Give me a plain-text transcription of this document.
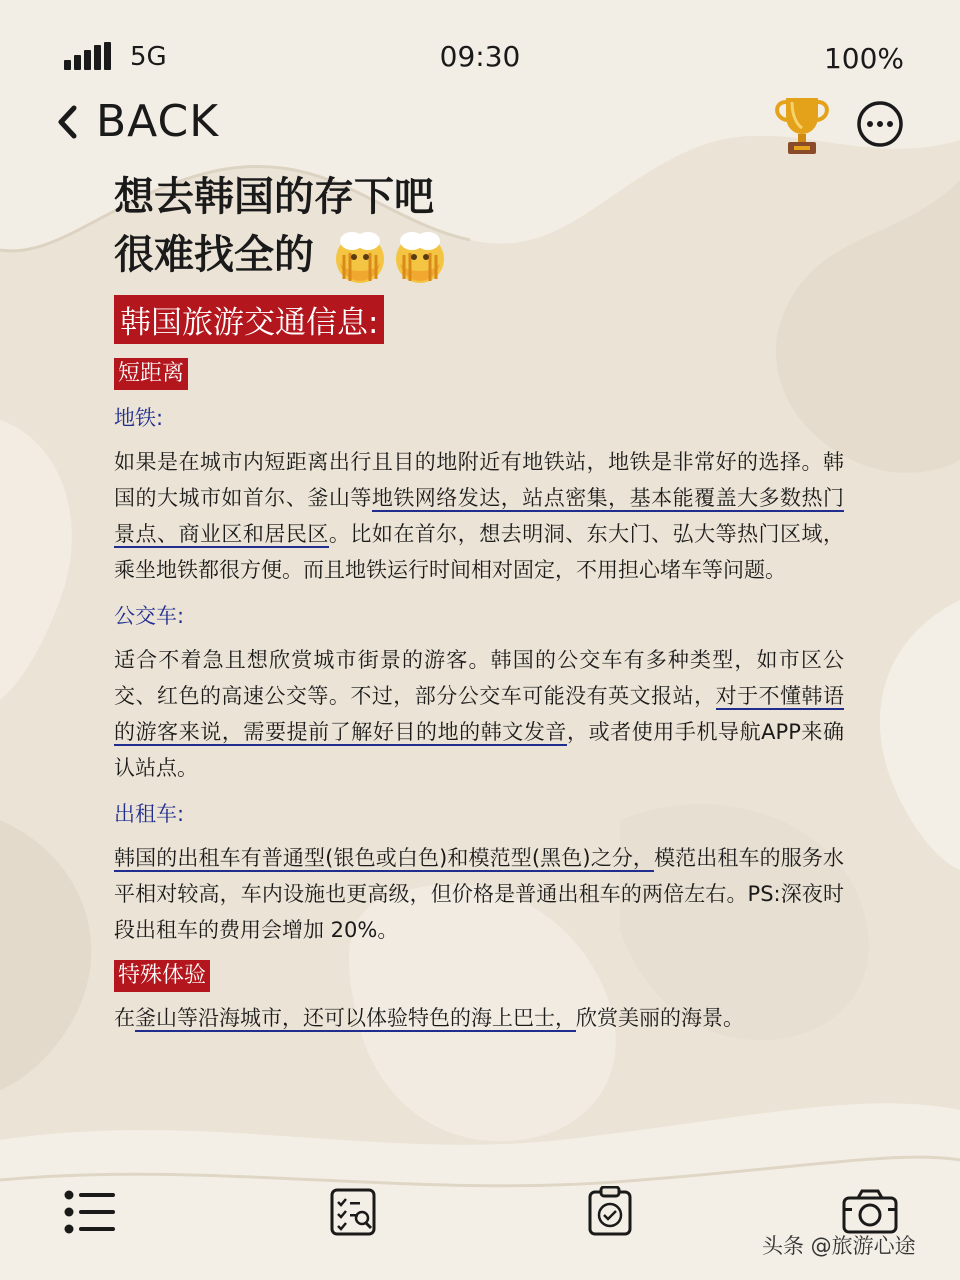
5G	09:30	100%
BACK

想去韩国的存下吧
很难找全的

韩国旅游交通信息:
短距离
地铁:

如果是在城市内短距离出行且目的地附近有地铁站，地铁是非常好的选择。韩国的大城市如首尔、釜山等地铁网络发达，站点密集，基本能覆盖大多数热门景点、商业区和居民区。比如在首尔，想去明洞、东大门、弘大等热门区域，乘坐地铁都很方便。而且地铁运行时间相对固定，不用担心堵车等问题。

公交车:

适合不着急且想欣赏城市街景的游客。韩国的公交车有多种类型，如市区公交、红色的高速公交等。不过，部分公交车可能没有英文报站，对于不懂韩语的游客来说，需要提前了解好目的地的韩文发音，或者使用手机导航APP来确认站点。

出租车:

韩国的出租车有普通型(银色或白色)和模范型(黑色)之分，模范出租车的服务水平相对较高，车内设施也更高级，但价格是普通出租车的两倍左右。PS:深夜时段出租车的费用会增加 20%。

特殊体验

在釜山等沿海城市，还可以体验特色的海上巴士，欣赏美丽的海景。

头条 @旅游心途
